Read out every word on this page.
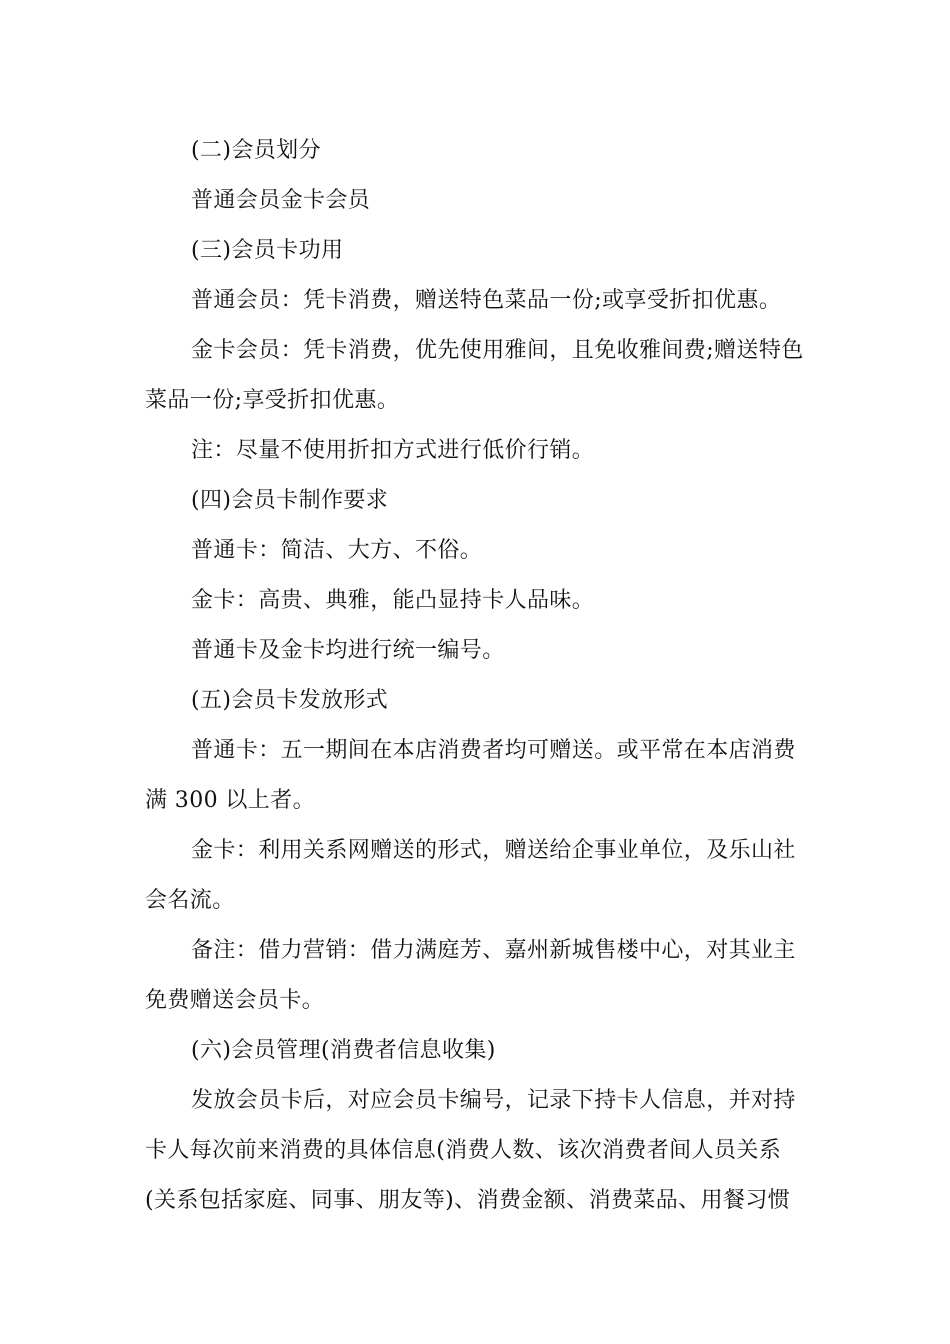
(二)会员划分
普通会员金卡会员
(三)会员卡功用
普通会员：凭卡消费，赠送特色菜品一份;或享受折扣优惠。
金卡会员：凭卡消费，优先使用雅间，且免收雅间费;赠送特色菜品一份;享受折扣优惠。
注：尽量不使用折扣方式进行低价行销。
(四)会员卡制作要求
普通卡：简洁、大方、不俗。
金卡：高贵、典雅，能凸显持卡人品味。
普通卡及金卡均进行统一编号。
(五)会员卡发放形式
普通卡：五一期间在本店消费者均可赠送。或平常在本店消费满 300 以上者。
金卡：利用关系网赠送的形式，赠送给企事业单位，及乐山社会名流。
备注：借力营销：借力满庭芳、嘉州新城售楼中心，对其业主免费赠送会员卡。
(六)会员管理(消费者信息收集)
发放会员卡后，对应会员卡编号，记录下持卡人信息，并对持卡人每次前来消费的具体信息(消费人数、该次消费者间人员关系(关系包括家庭、同事、朋友等)、消费金额、消费菜品、用餐习惯
